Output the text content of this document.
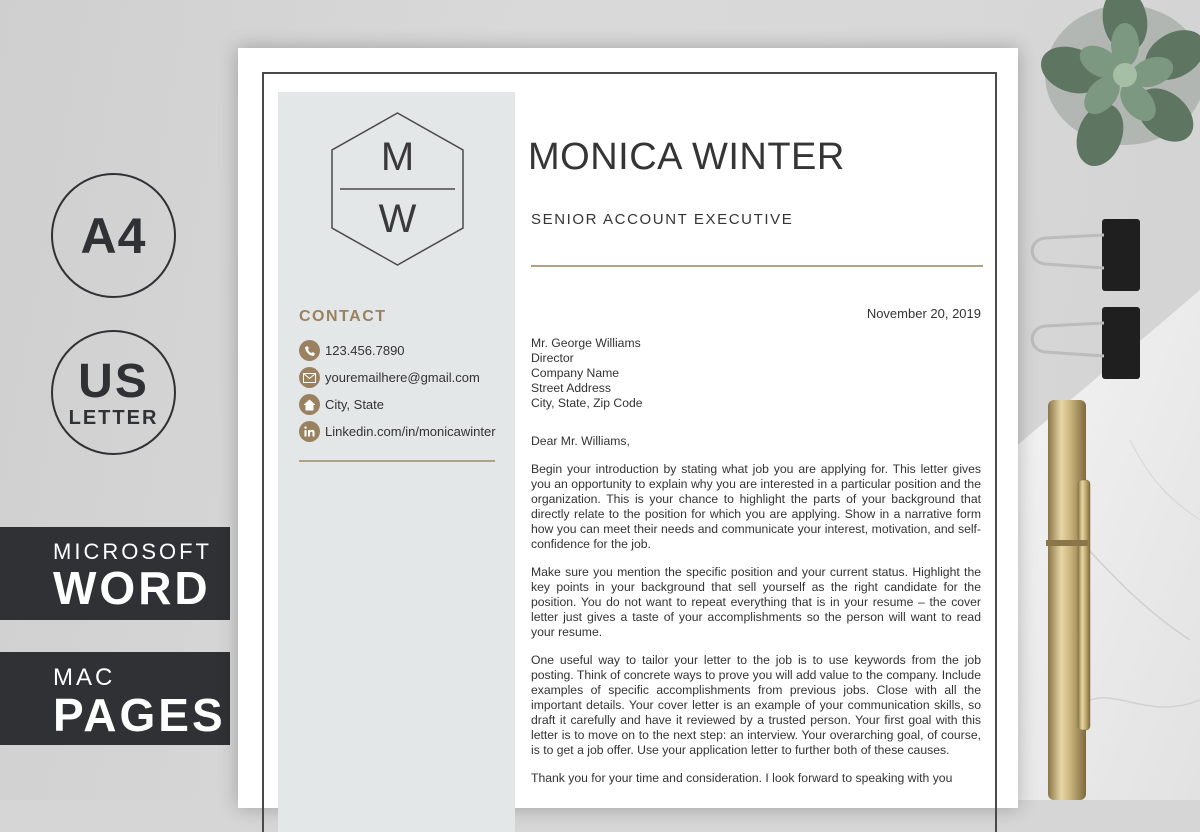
A4
US
LETTER
MICROSOFT
WORD
MAC
PAGES
M
W
CONTACT
123.456.7890
youremailhere@gmail.com
City, State
Linkedin.com/in/monicawinter
MONICA WINTER
SENIOR ACCOUNT EXECUTIVE
November 20, 2019
Mr. George Williams
Director
Company Name
Street Address
City, State, Zip Code
Dear Mr. Williams,

Begin your introduction by stating what job you are applying for. This letter gives you an opportunity to explain why you are interested in a particular position and the organization. This is your chance to highlight the parts of your background that directly relate to the position for which you are applying. Show in a narrative form how you can meet their needs and communicate your interest, motivation, and self-confidence for the job.

Make sure you mention the specific position and your current status. Highlight the key points in your background that sell yourself as the right candidate for the position. You do not want to repeat everything that is in your resume – the cover letter just gives a taste of your accomplishments so the person will want to read your resume.

One useful way to tailor your letter to the job is to use keywords from the job posting. Think of concrete ways to prove you will add value to the company. Include examples of specific accomplishments from previous jobs. Close with all the important details. Your cover letter is an example of your communication skills, so draft it carefully and have it reviewed by a trusted person. Your first goal with this letter is to move on to the next step: an interview. Your overarching goal, of course, is to get a job offer. Use your application letter to further both of these causes.

Thank you for your time and consideration. I look forward to speaking with you
